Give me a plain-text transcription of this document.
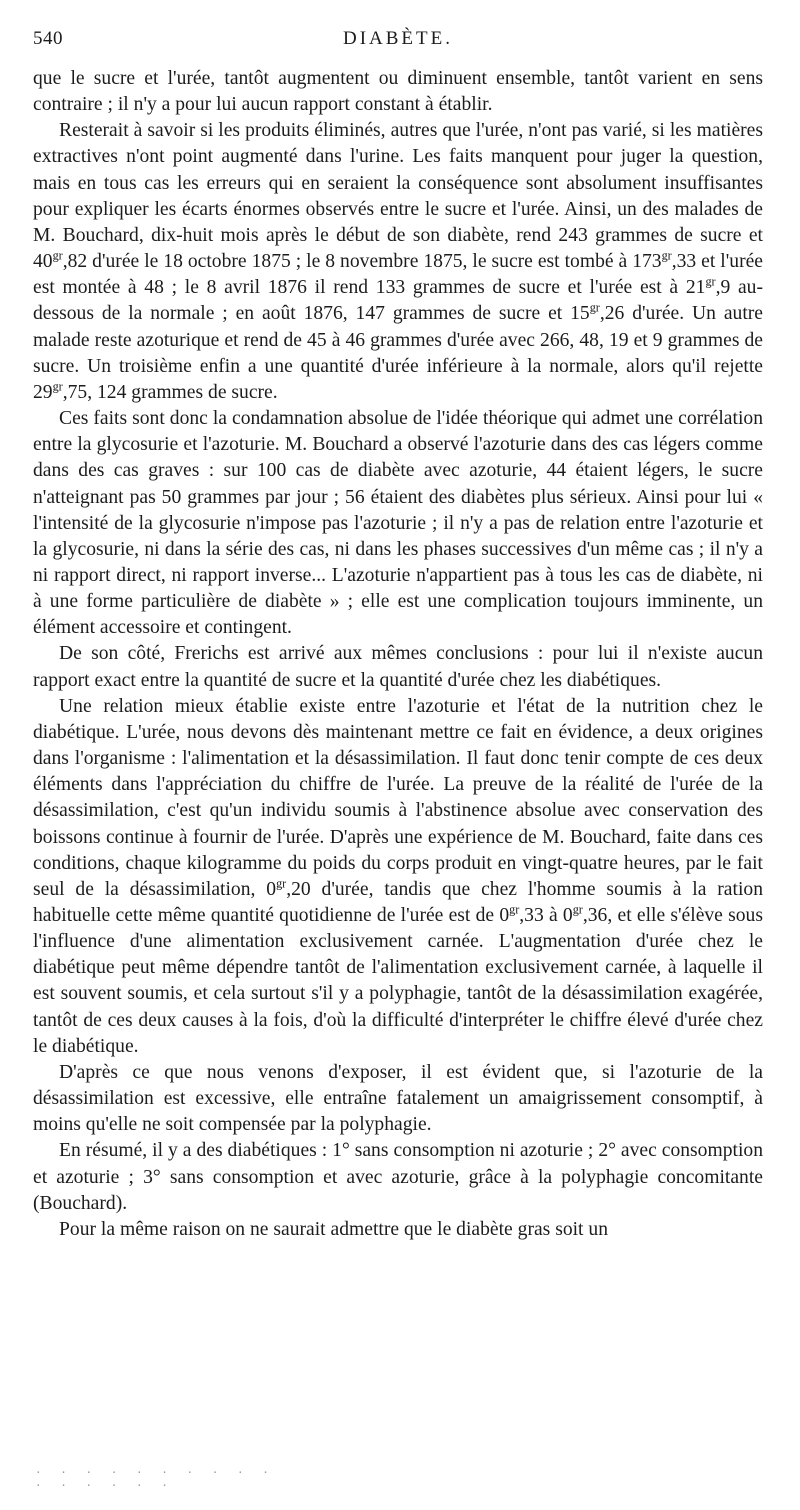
540	DIABÈTE.

que le sucre et l'urée, tantôt augmentent ou diminuent ensemble, tantôt varient en sens contraire ; il n'y a pour lui aucun rapport constant à établir.

Resterait à savoir si les produits éliminés, autres que l'urée, n'ont pas varié, si les matières extractives n'ont point augmenté dans l'urine. Les faits manquent pour juger la question, mais en tous cas les erreurs qui en seraient la conséquence sont absolument insuffisantes pour expliquer les écarts énormes observés entre le sucre et l'urée. Ainsi, un des malades de M. Bouchard, dix-huit mois après le début de son diabète, rend 243 grammes de sucre et $40^{gr},82$ d'urée le 18 octobre 1875 ; le 8 novembre 1875, le sucre est tombé à $173^{gr},33$ et l'urée est montée à 48 ; le 8 avril 1876 il rend 133 grammes de sucre et l'urée est à $21^{gr},9$ au-dessous de la normale ; en août 1876, 147 grammes de sucre et $15^{gr},26$ d'urée. Un autre malade reste azoturique et rend de 45 à 46 grammes d'urée avec 266, 48, 19 et 9 grammes de sucre. Un troisième enfin a une quantité d'urée inférieure à la normale, alors qu'il rejette $29^{gr},75$, 124 grammes de sucre.

Ces faits sont donc la condamnation absolue de l'idée théorique qui admet une corrélation entre la glycosurie et l'azoturie. M. Bouchard a observé l'azoturie dans des cas légers comme dans des cas graves : sur 100 cas de diabète avec azoturie, 44 étaient légers, le sucre n'atteignant pas 50 grammes par jour ; 56 étaient des diabètes plus sérieux. Ainsi pour lui « l'intensité de la glycosurie n'impose pas l'azoturie ; il n'y a pas de relation entre l'azoturie et la glycosurie, ni dans la série des cas, ni dans les phases successives d'un même cas ; il n'y a ni rapport direct, ni rapport inverse... L'azoturie n'appartient pas à tous les cas de diabète, ni à une forme particulière de diabète » ; elle est une complication toujours imminente, un élément accessoire et contingent.

De son côté, Frerichs est arrivé aux mêmes conclusions : pour lui il n'existe aucun rapport exact entre la quantité de sucre et la quantité d'urée chez les diabétiques.

Une relation mieux établie existe entre l'azoturie et l'état de la nutrition chez le diabétique. L'urée, nous devons dès maintenant mettre ce fait en évidence, a deux origines dans l'organisme : l'alimentation et la désassimilation. Il faut donc tenir compte de ces deux éléments dans l'appréciation du chiffre de l'urée. La preuve de la réalité de l'urée de la désassimilation, c'est qu'un individu soumis à l'abstinence absolue avec conservation des boissons continue à fournir de l'urée. D'après une expérience de M. Bouchard, faite dans ces conditions, chaque kilogramme du poids du corps produit en vingt-quatre heures, par le fait seul de la désassimilation, $0^{gr},20$ d'urée, tandis que chez l'homme soumis à la ration habituelle cette même quantité quotidienne de l'urée est de $0^{gr},33$ à $0^{gr},36$, et elle s'élève sous l'influence d'une alimentation exclusivement carnée. L'augmentation d'urée chez le diabétique peut même dépendre tantôt de l'alimentation exclusivement carnée, à laquelle il est souvent soumis, et cela surtout s'il y a polyphagie, tantôt de la désassimilation exagérée, tantôt de ces deux causes à la fois, d'où la difficulté d'interpréter le chiffre élevé d'urée chez le diabétique.

D'après ce que nous venons d'exposer, il est évident que, si l'azoturie de la désassimilation est excessive, elle entraîne fatalement un amaigrissement consomptif, à moins qu'elle ne soit compensée par la polyphagie.

En résumé, il y a des diabétiques : 1° sans consomption ni azoturie ; 2° avec consomption et azoturie ; 3° sans consomption et avec azoturie, grâce à la polyphagie concomitante (Bouchard).

Pour la même raison on ne saurait admettre que le diabète gras soit un

· · · · · · · · · · · · · · · ·
